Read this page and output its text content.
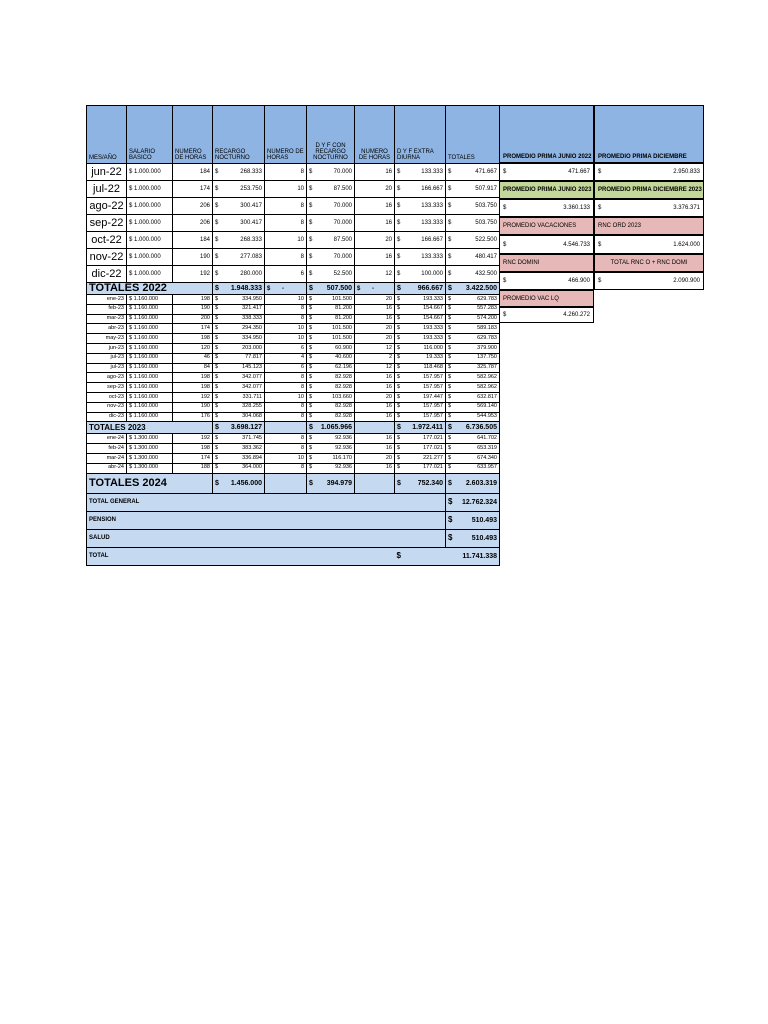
MES/AÑO	SALARIO BASICO	NUMERO DE HORAS	RECARGO NOCTURNO		NUMERO DE HORAS	D Y F CON RECARGO NOCTURNO		NUMERO DE HORAS	D Y F EXTRA DIURNA		TOTALES	
jun-22	$ 1.000.000	184	$	268.333	8	$	70.000	16	$	133.333	$	471.667
jul-22	$ 1.000.000	174	$	253.750	10	$	87.500	20	$	166.667	$	507.917
ago-22	$ 1.000.000	206	$	300.417	8	$	70.000	16	$	133.333	$	503.750
sep-22	$ 1.000.000	206	$	300.417	8	$	70.000	16	$	133.333	$	503.750
oct-22	$ 1.000.000	184	$	268.333	10	$	87.500	20	$	166.667	$	522.500
nov-22	$ 1.000.000	190	$	277.083	8	$	70.000	16	$	133.333	$	480.417
dic-22	$ 1.000.000	192	$	280.000	6	$	52.500	12	$	100.000	$	432.500
TOTALES 2022			$	1.948.333	$ -	$	507.500	$ -	$	966.667	$	3.422.500
ene-23	$ 1.160.000	198	$	334.950	10	$	101.500	20	$	193.333	$	629.783
feb-23	$ 1.160.000	190	$	321.417	8	$	81.200	16	$	154.667	$	557.283
mar-23	$ 1.160.000	200	$	338.333	8	$	81.200	16	$	154.667	$	574.200
abr-23	$ 1.160.000	174	$	294.350	10	$	101.500	20	$	193.333	$	589.183
may-23	$ 1.160.000	198	$	334.950	10	$	101.500	20	$	193.333	$	629.783
jun-23	$ 1.160.000	120	$	203.000	6	$	60.900	12	$	116.000	$	379.900
jul-23	$ 1.160.000	46	$	77.817	4	$	40.600	2	$	19.333	$	137.750
jul-23	$ 1.160.000	84	$	145.123	6	$	62.196	12	$	118.468	$	325.787
ago-23	$ 1.160.000	198	$	342.077	8	$	82.928	16	$	157.957	$	582.962
sep-23	$ 1.160.000	198	$	342.077	8	$	82.928	16	$	157.957	$	582.962
oct-23	$ 1.160.000	192	$	331.711	10	$	103.660	20	$	197.447	$	632.817
nov-23	$ 1.160.000	190	$	328.255	8	$	82.928	16	$	157.957	$	569.140
dic-23	$ 1.160.000	176	$	304.068	8	$	82.928	16	$	157.957	$	544.953
TOTALES 2023			$	3.698.127		$	1.065.966		$	1.972.411	$	6.736.505
ene-24	$ 1.300.000	192	$	371.745	8	$	92.936	16	$	177.021	$	641.702
feb-24	$ 1.300.000	198	$	383.362	8	$	92.936	16	$	177.021	$	653.319
mar-24	$ 1.300.000	174	$	336.894	10	$	116.170	20	$	221.277	$	674.340
abr-24	$ 1.300.000	188	$	364.000	8	$	92.936	16	$	177.021	$	633.957
TOTALES 2024			$	1.456.000		$	394.979		$	752.340	$	2.603.319
TOTAL GENERAL											$	12.762.324
PENSION											$	510.493
SALUD											$	510.493
TOTAL									$		11.741.338	
PROMEDIO PRIMA JUNIO 2022	PROMEDIO PRIMA DICIEMBRE
$	471.667 $	2.950.833
PROMEDIO PRIMA JUNIO 2023	PROMEDIO PRIMA DICIEMBRE 2023
$	3.360.133 $	3.376.371
PROMEDIO VACACIONES	RNC ORD 2023
$	4.546.733 $	1.624.000
RNC DOMINI	TOTAL RNC O + RNC DOMI
$	466.900 $	2.090.900
PROMEDIO VAC LQ
$	4.260.272
